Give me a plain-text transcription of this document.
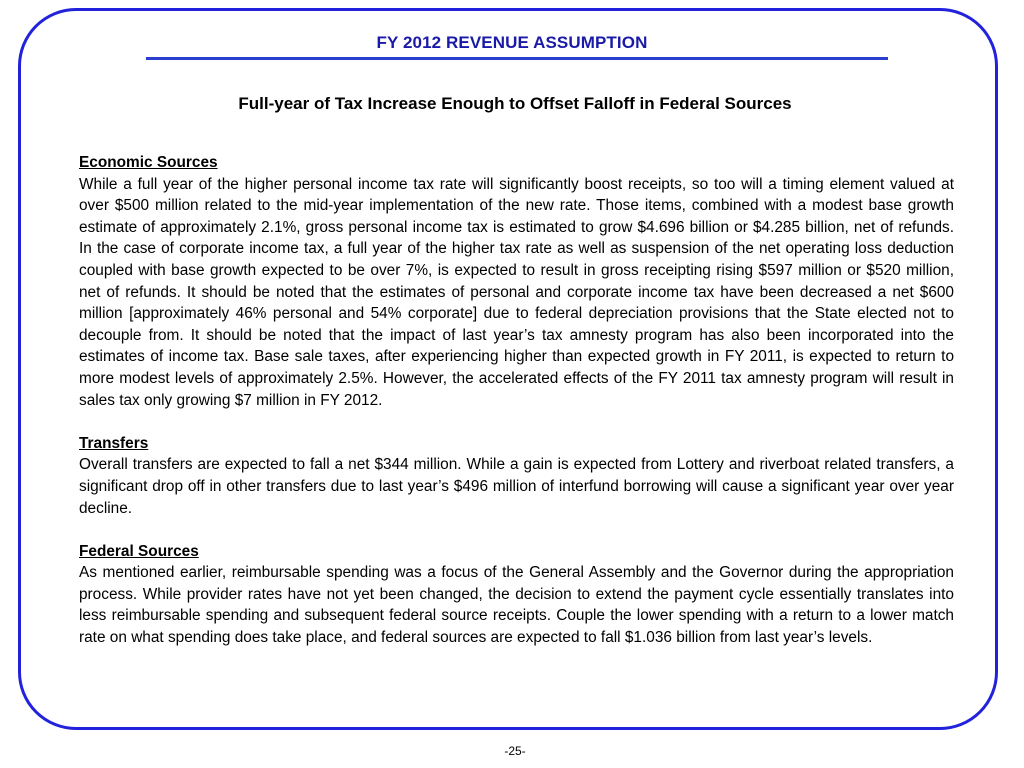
FY 2012 REVENUE ASSUMPTION
Full-year of Tax Increase Enough to Offset Falloff in Federal Sources

Economic Sources

While a full year of the higher personal income tax rate will significantly boost receipts, so too will a timing element valued at over $500 million related to the mid-year implementation of the new rate. Those items, combined with a modest base growth estimate of approximately 2.1%, gross personal income tax is estimated to grow $4.696 billion or $4.285 billion, net of refunds. In the case of corporate income tax, a full year of the higher tax rate as well as suspension of the net operating loss deduction coupled with base growth expected to be over 7%, is expected to result in gross receipting rising $597 million or $520 million, net of refunds. It should be noted that the estimates of personal and corporate income tax have been decreased a net $600 million [approximately 46% personal and 54% corporate] due to federal depreciation provisions that the State elected not to decouple from. It should be noted that the impact of last year’s tax amnesty program has also been incorporated into the estimates of income tax. Base sale taxes, after experiencing higher than expected growth in FY 2011, is expected to return to more modest levels of approximately 2.5%. However, the accelerated effects of the FY 2011 tax amnesty program will result in sales tax only growing $7 million in FY 2012.

Transfers

Overall transfers are expected to fall a net $344 million. While a gain is expected from Lottery and riverboat related transfers, a significant drop off in other transfers due to last year’s $496 million of interfund borrowing will cause a significant year over year decline.

Federal Sources

As mentioned earlier, reimbursable spending was a focus of the General Assembly and the Governor during the appropriation process. While provider rates have not yet been changed, the decision to extend the payment cycle essentially translates into less reimbursable spending and subsequent federal source receipts. Couple the lower spending with a return to a lower match rate on what spending does take place, and federal sources are expected to fall $1.036 billion from last year’s levels.

-25-
